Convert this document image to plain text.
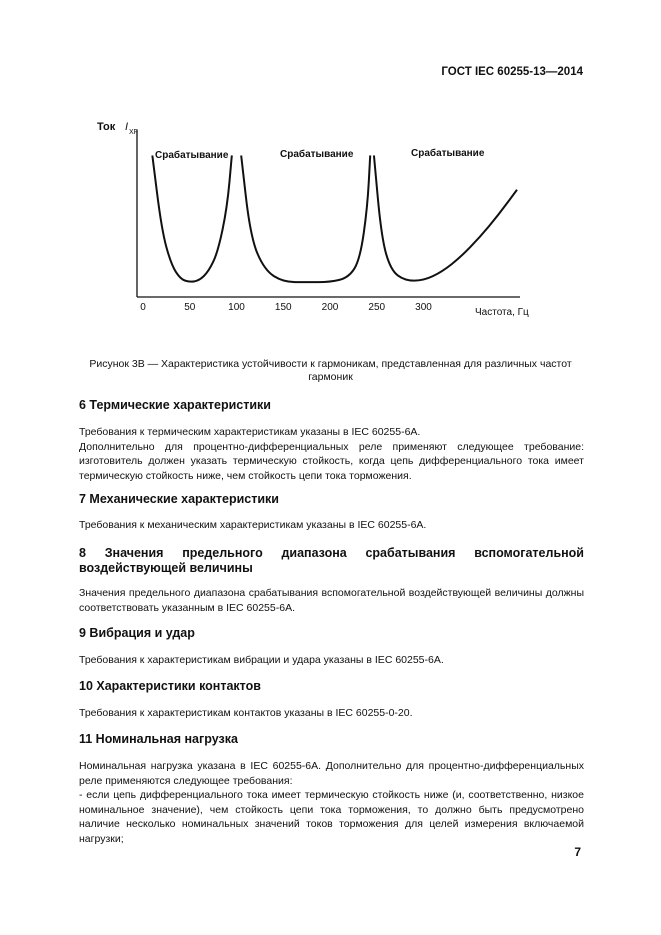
ГОСТ IEC 60255-13—2014
Ток I XF
0	50	100	150	200	250	300
Срабатывание	Срабатывание	Срабатывание
Частота, Гц
Рисунок 3В — Характеристика устойчивости к гармоникам, представленная для различных частот
гармоник
6 Термические характеристики
Требования к термическим характеристикам указаны в IEC 60255-6A.
Дополнительно для процентно-дифференциальных реле применяют следующее требование: изготовитель должен указать термическую стойкость, когда цепь дифференциального тока имеет термическую стойкость ниже, чем стойкость цепи тока торможения.
7 Механические характеристики
Требования к механическим характеристикам указаны в IEC 60255-6A.
8 Значения предельного диапазона срабатывания вспомогательной
воздействующей величины
Значения предельного диапазона срабатывания вспомогательной воздействующей величины должны соответствовать указанным в IEC 60255-6A.
9 Вибрация и удар
Требования к характеристикам вибрации и удара указаны в IEC 60255-6A.
10 Характеристики контактов
Требования к характеристикам контактов указаны в IEC 60255-0-20.
11 Номинальная нагрузка
Номинальная нагрузка указана в IEC 60255-6A. Дополнительно для процентно-дифференциальных реле применяются следующее требования:
- если цепь дифференциального тока имеет термическую стойкость ниже (и, соответственно, низкое номинальное значение), чем стойкость цепи тока торможения, то должно быть предусмотрено наличие несколько номинальных значений токов торможения для целей измерения включаемой нагрузки;
7
